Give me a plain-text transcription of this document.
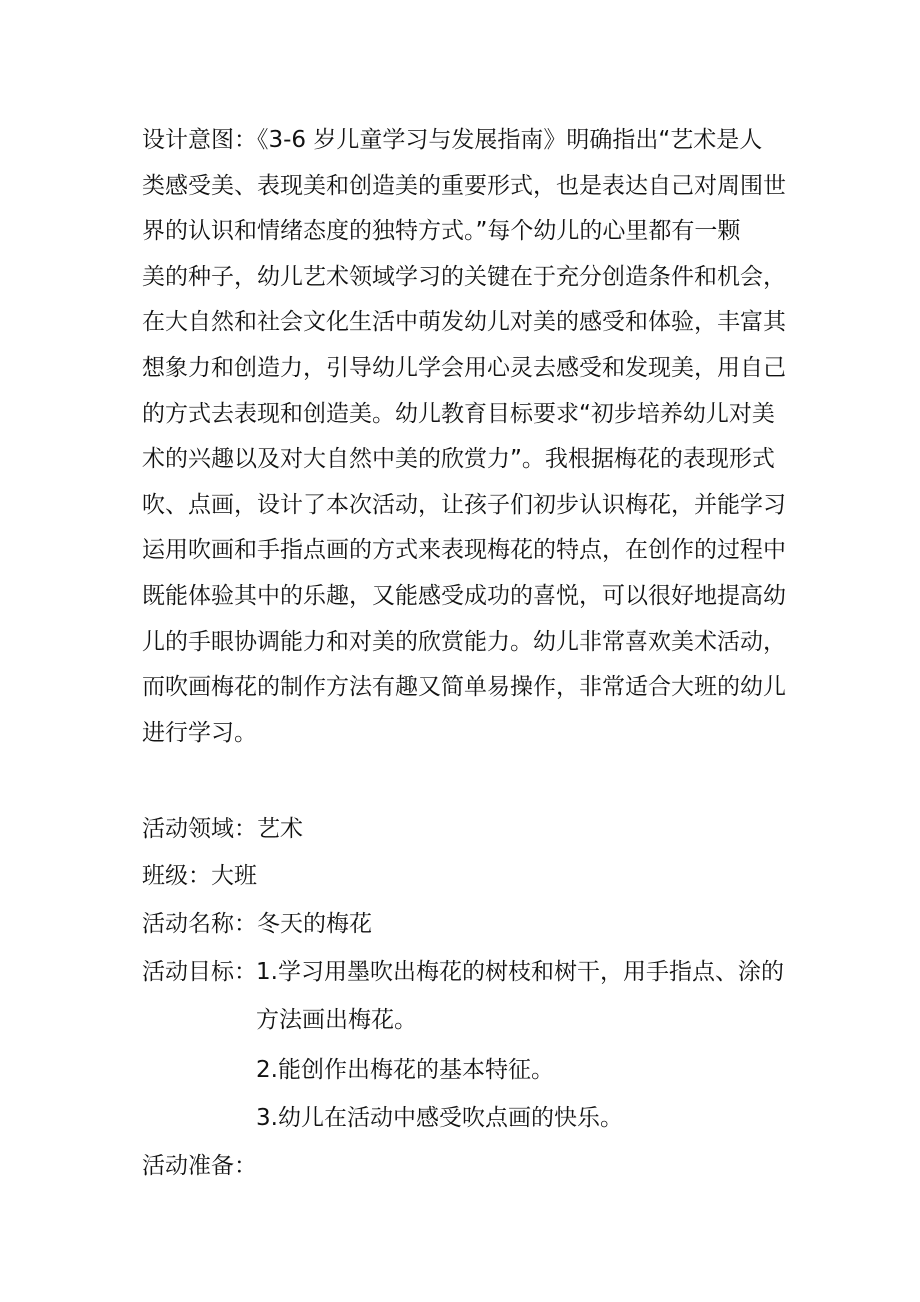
设计意图：《3-6 岁儿童学习与发展指南》明确指出“艺术是人
类感受美、表现美和创造美的重要形式，也是表达自己对周围世
界的认识和情绪态度的独特方式。”每个幼儿的心里都有一颗
美的种子，幼儿艺术领域学习的关键在于充分创造条件和机会，
在大自然和社会文化生活中萌发幼儿对美的感受和体验，丰富其
想象力和创造力，引导幼儿学会用心灵去感受和发现美，用自己
的方式去表现和创造美。幼儿教育目标要求“初步培养幼儿对美
术的兴趣以及对大自然中美的欣赏力”。我根据梅花的表现形式
吹、点画，设计了本次活动，让孩子们初步认识梅花，并能学习
运用吹画和手指点画的方式来表现梅花的特点，在创作的过程中
既能体验其中的乐趣，又能感受成功的喜悦，可以很好地提高幼
儿的手眼协调能力和对美的欣赏能力。幼儿非常喜欢美术活动，
而吹画梅花的制作方法有趣又简单易操作，非常适合大班的幼儿
进行学习。

活动领域：艺术

班级：大班

活动名称：冬天的梅花

活动目标： 1.学习用墨吹出梅花的树枝和树干，用手指点、涂的
方法画出梅花。
2.能创作出梅花的基本特征。
3.幼儿在活动中感受吹点画的快乐。

活动准备：
